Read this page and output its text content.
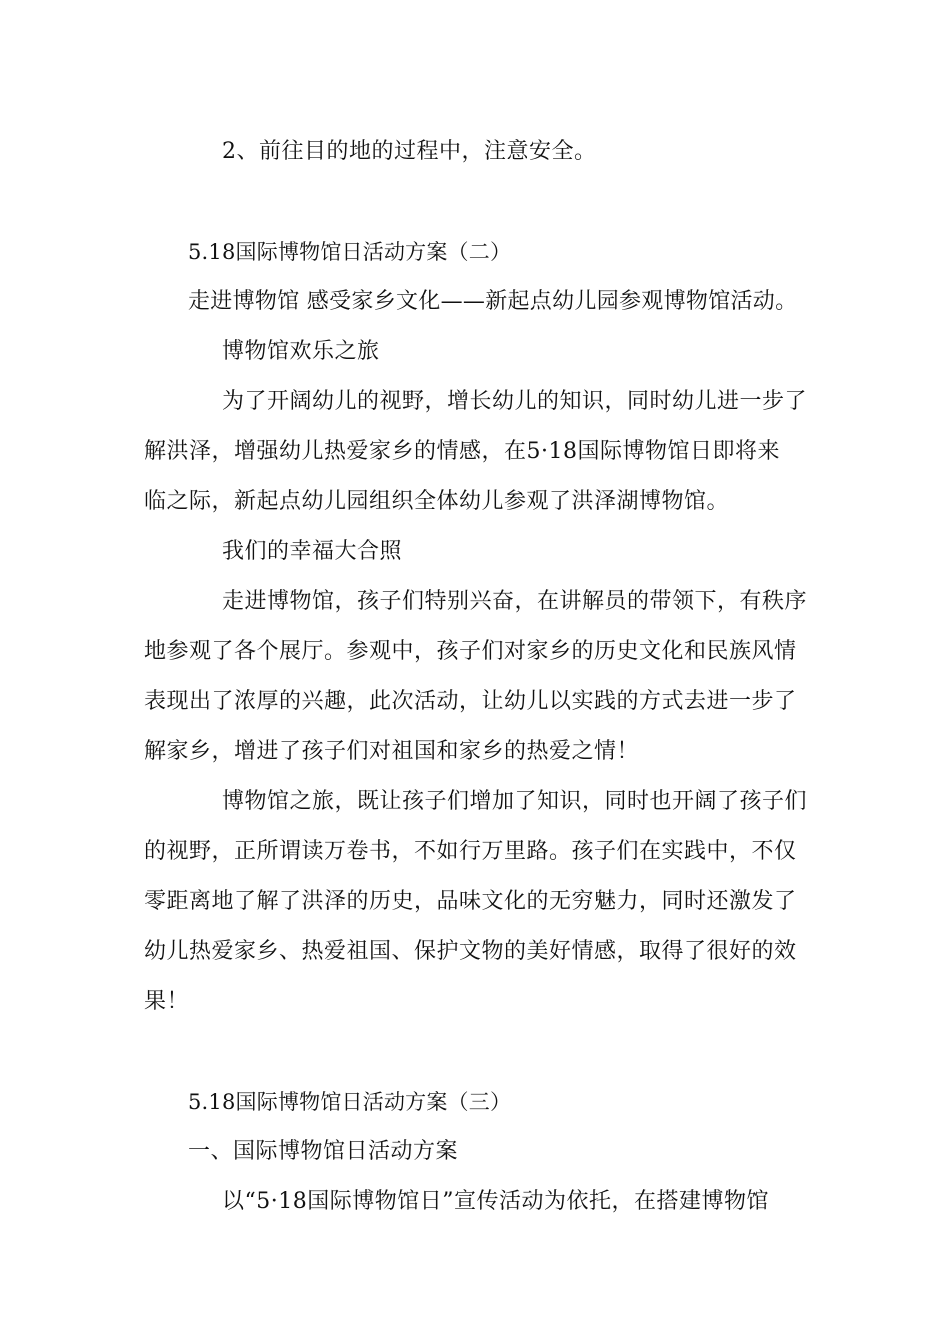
2、前往目的地的过程中，注意安全。
5.18国际博物馆日活动方案（二）
走进博物馆 感受家乡文化——新起点幼儿园参观博物馆活动。
博物馆欢乐之旅
为了开阔幼儿的视野，增长幼儿的知识，同时幼儿进一步了
解洪泽，增强幼儿热爱家乡的情感，在5·18国际博物馆日即将来
临之际，新起点幼儿园组织全体幼儿参观了洪泽湖博物馆。
我们的幸福大合照
走进博物馆，孩子们特别兴奋，在讲解员的带领下，有秩序
地参观了各个展厅。参观中，孩子们对家乡的历史文化和民族风情
表现出了浓厚的兴趣，此次活动，让幼儿以实践的方式去进一步了
解家乡，增进了孩子们对祖国和家乡的热爱之情！
博物馆之旅，既让孩子们增加了知识，同时也开阔了孩子们
的视野，正所谓读万卷书，不如行万里路。孩子们在实践中，不仅
零距离地了解了洪泽的历史，品味文化的无穷魅力，同时还激发了
幼儿热爱家乡、热爱祖国、保护文物的美好情感，取得了很好的效
果！
5.18国际博物馆日活动方案（三）
一、国际博物馆日活动方案
以“5·18国际博物馆日”宣传活动为依托，在搭建博物馆
